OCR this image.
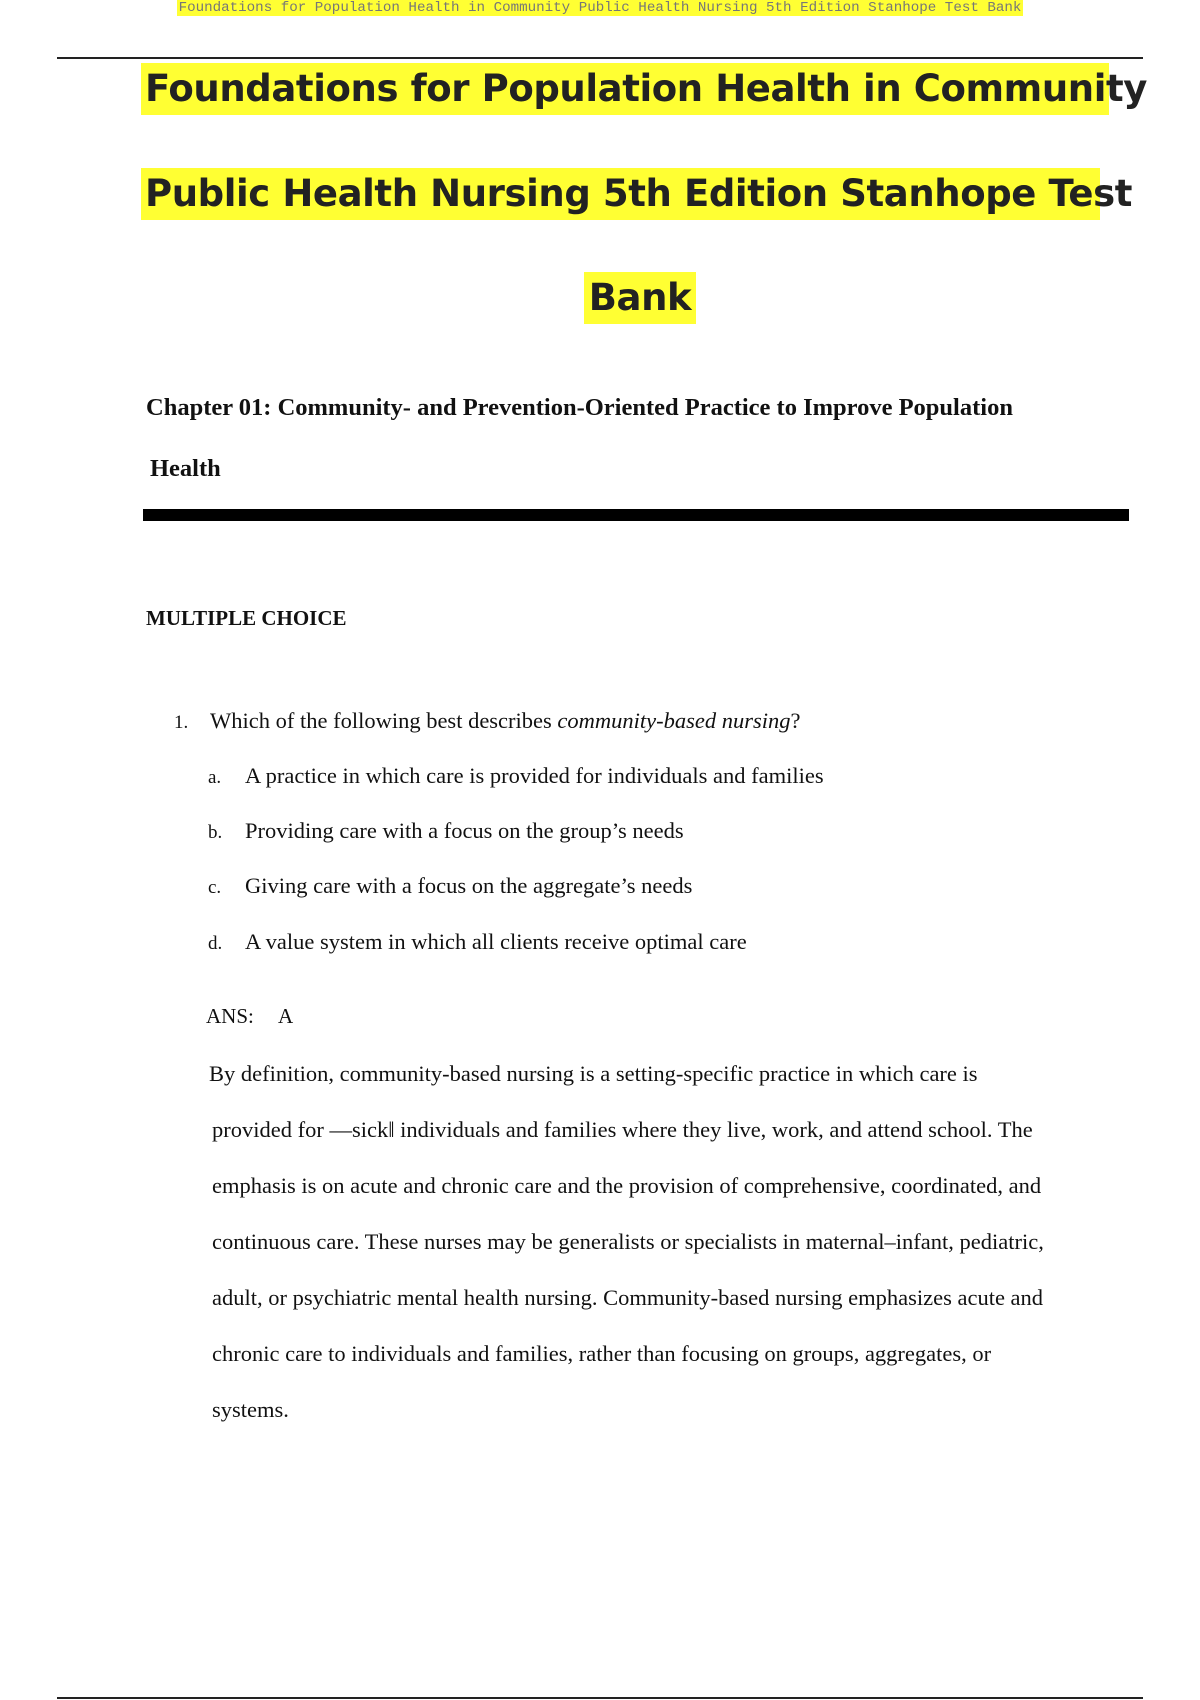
Foundations for Population Health in Community Public Health Nursing 5th Edition Stanhope Test Bank
Foundations for Population Health in Community
Public Health Nursing 5th Edition Stanhope Test
Bank
Chapter 01: Community- and Prevention-Oriented Practice to Improve Population
Health
MULTIPLE CHOICE
1. Which of the following best describes community-based nursing?
a. A practice in which care is provided for individuals and families
b. Providing care with a focus on the group’s needs
c. Giving care with a focus on the aggregate’s needs
d. A value system in which all clients receive optimal care
ANS: A
By definition, community-based nursing is a setting-specific practice in which care is
provided for ―sick‖ individuals and families where they live, work, and attend school. The
emphasis is on acute and chronic care and the provision of comprehensive, coordinated, and
continuous care. These nurses may be generalists or specialists in maternal–infant, pediatric,
adult, or psychiatric mental health nursing. Community-based nursing emphasizes acute and
chronic care to individuals and families, rather than focusing on groups, aggregates, or
systems.
